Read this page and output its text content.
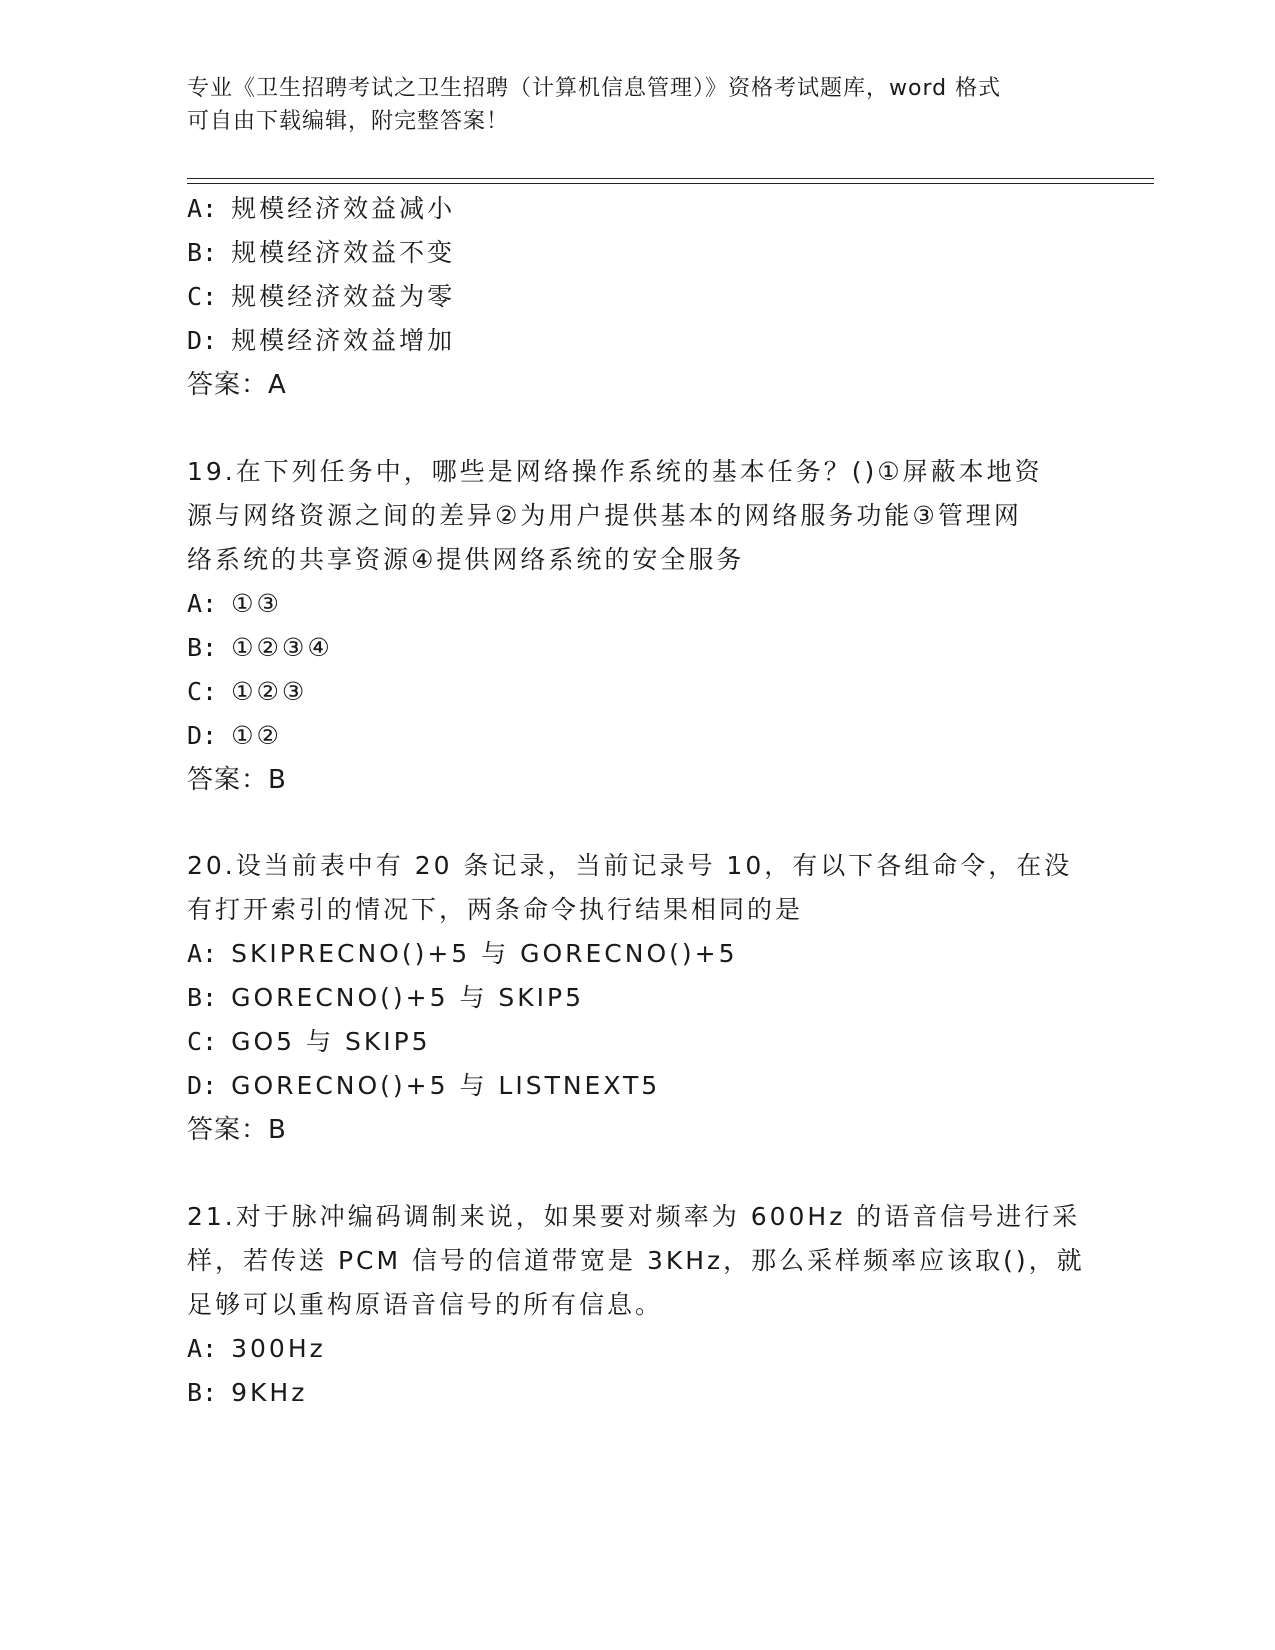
专业《卫生招聘考试之卫生招聘（计算机信息管理）》资格考试题库，word 格式
可自由下载编辑，附完整答案！
A: 规模经济效益减小
B: 规模经济效益不变
C: 规模经济效益为零
D: 规模经济效益增加
答案：A
19.在下列任务中，哪些是网络操作系统的基本任务？()①屏蔽本地资
源与网络资源之间的差异②为用户提供基本的网络服务功能③管理网
络系统的共享资源④提供网络系统的安全服务
A: ①③
B: ①②③④
C: ①②③
D: ①②
答案：B
20.设当前表中有 20 条记录，当前记录号 10，有以下各组命令，在没
有打开索引的情况下，两条命令执行结果相同的是
A: SKIPRECNO()+5 与 GORECNO()+5
B: GORECNO()+5 与 SKIP5
C: GO5 与 SKIP5
D: GORECNO()+5 与 LISTNEXT5
答案：B
21.对于脉冲编码调制来说，如果要对频率为 600Hz 的语音信号进行采
样，若传送 PCM 信号的信道带宽是 3KHz，那么采样频率应该取()，就
足够可以重构原语音信号的所有信息。
A: 300Hz
B: 9KHz
